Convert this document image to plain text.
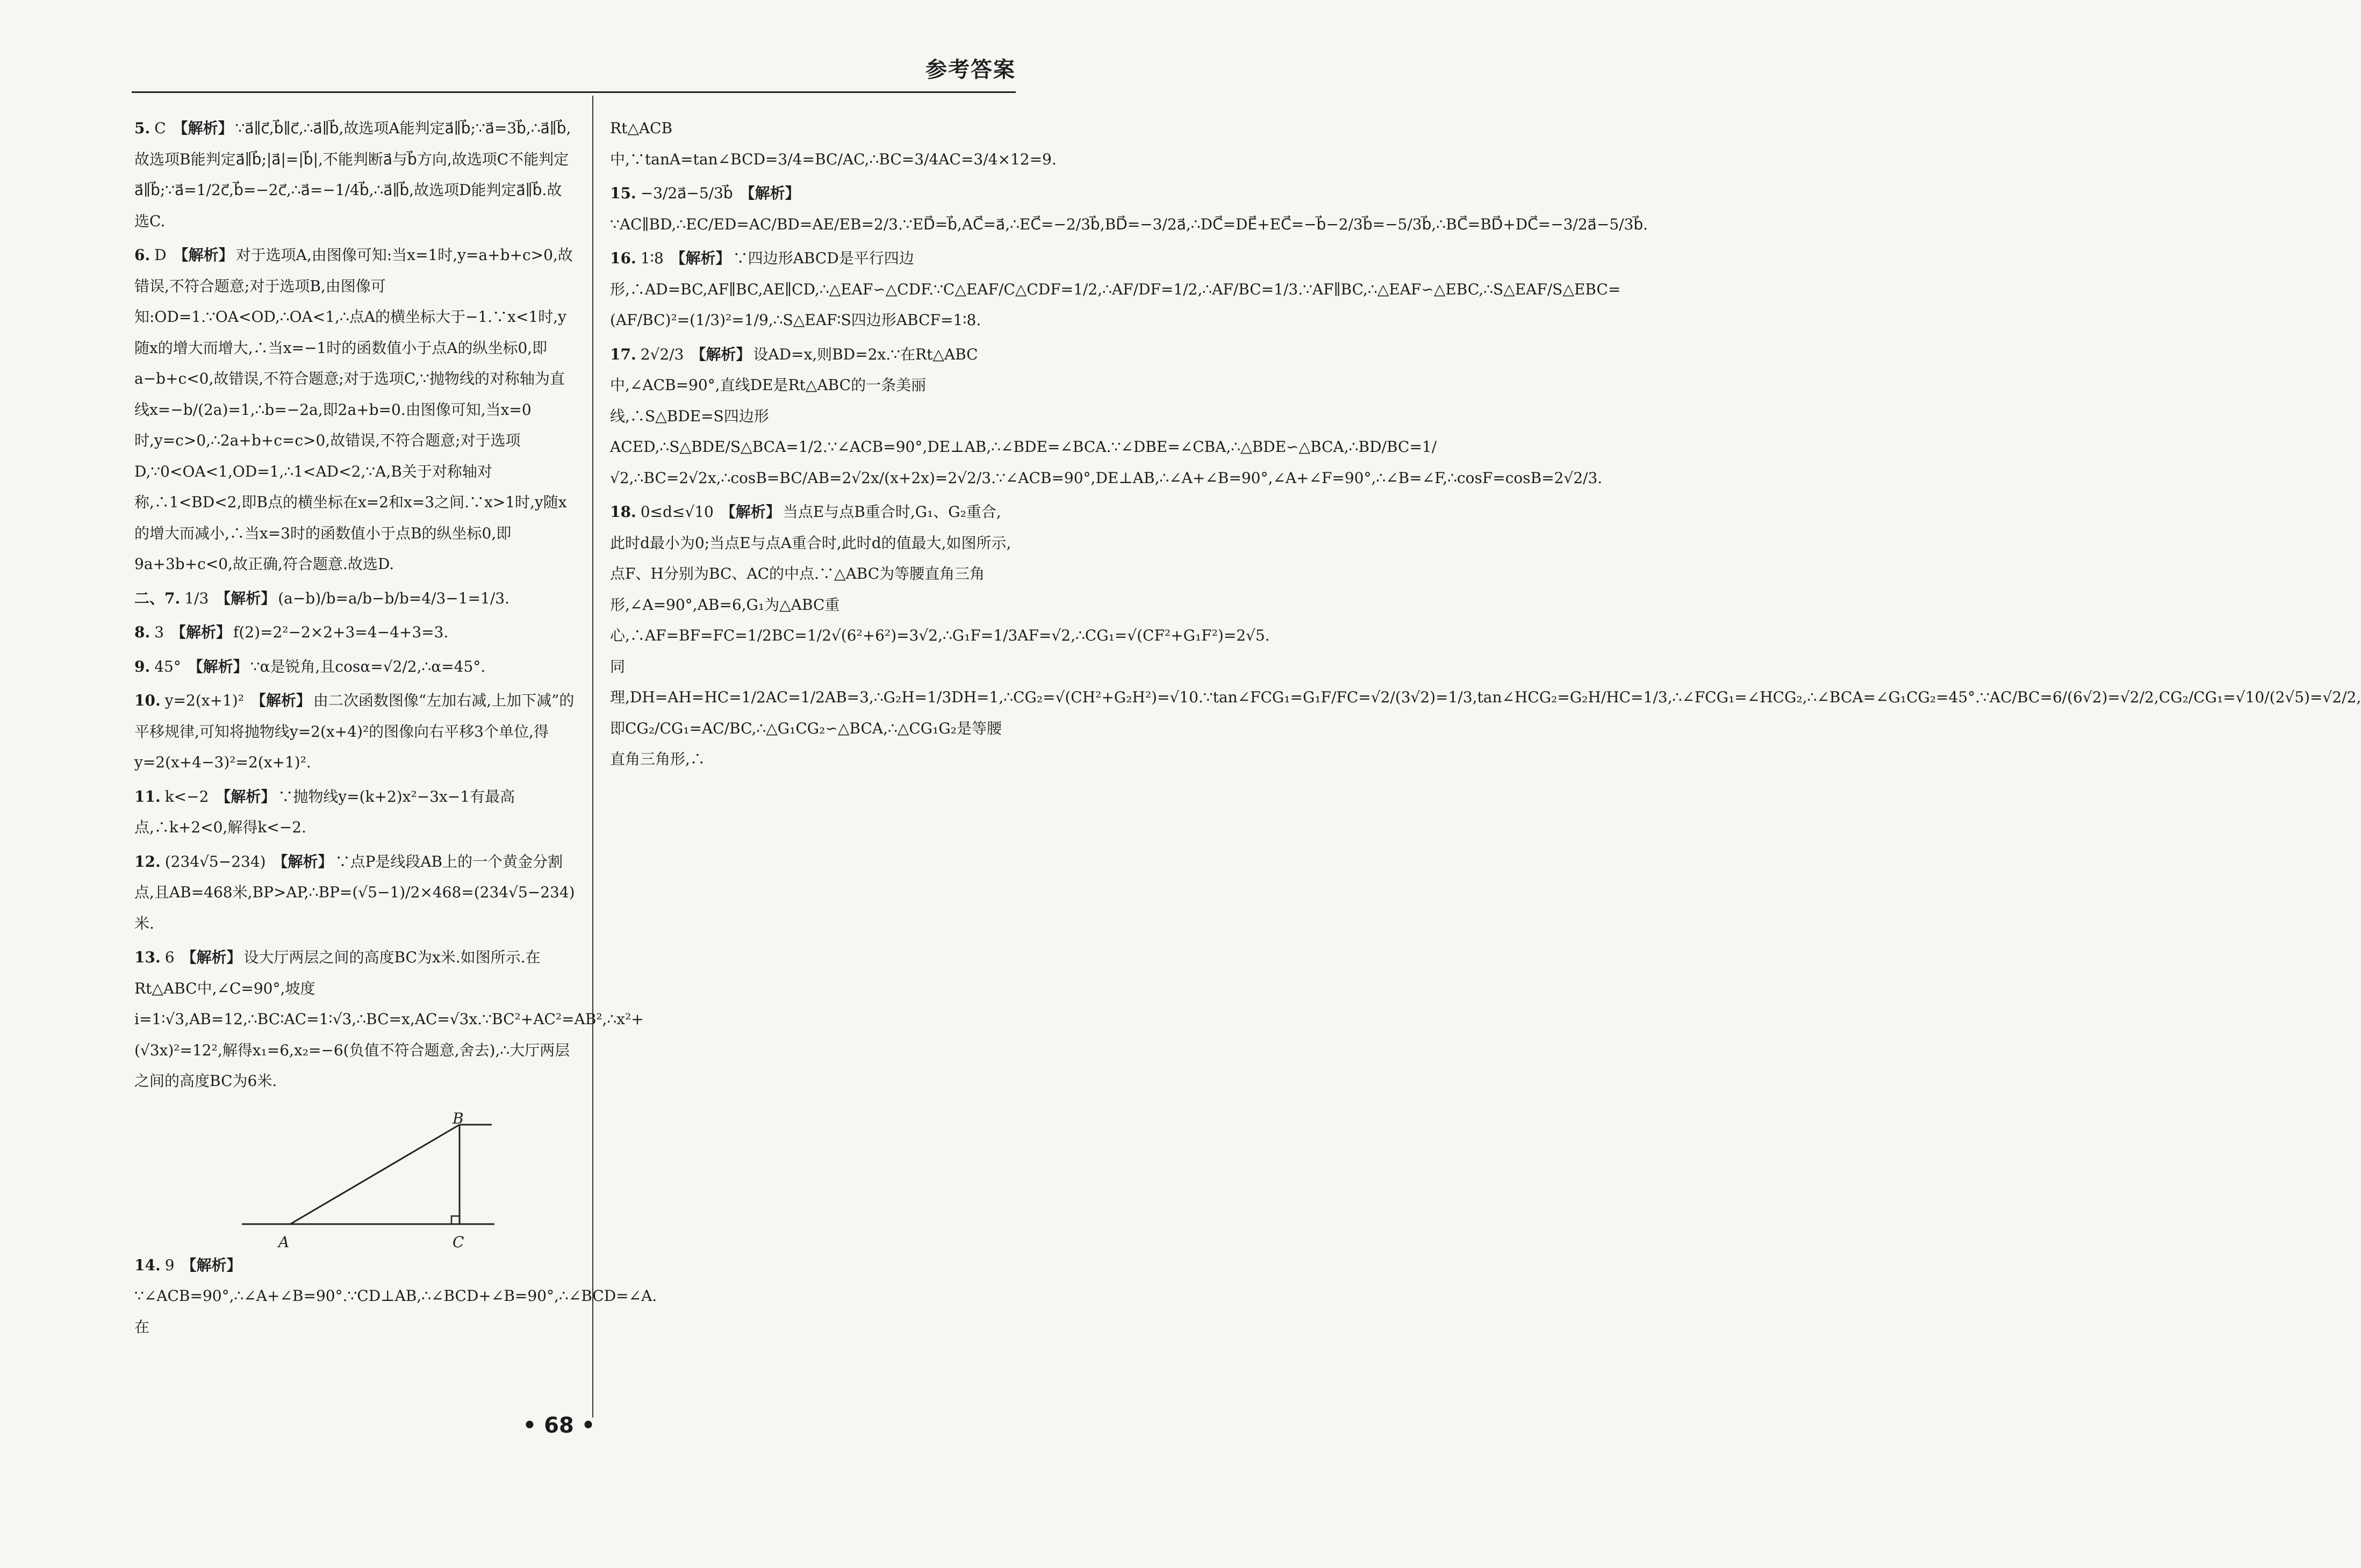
参考答案
5. C 【解析】 ∵a⃗∥c⃗,b⃗∥c⃗,∴a⃗∥b⃗,故选项A能判定a⃗∥b⃗;∵a⃗=3b⃗,∴a⃗∥b⃗,故选项B能判定a⃗∥b⃗;|a⃗|=|b⃗|,不能判断a⃗与b⃗方向,故选项C不能判定a⃗∥b⃗;∵a⃗=1/2c⃗,b⃗=−2c⃗,∴a⃗=−1/4b⃗,∴a⃗∥b⃗,故选项D能判定a⃗∥b⃗.故选C.
6. D 【解析】 对于选项A,由图像可知:当x=1时,y=a+b+c>0,故错误,不符合题意;对于选项B,由图像可知:OD=1.∵OA<OD,∴OA<1,∴点A的横坐标大于−1.∵x<1时,y随x的增大而增大,∴当x=−1时的函数值小于点A的纵坐标0,即a−b+c<0,故错误,不符合题意;对于选项C,∵抛物线的对称轴为直线x=−b/(2a)=1,∴b=−2a,即2a+b=0.由图像可知,当x=0时,y=c>0,∴2a+b+c=c>0,故错误,不符合题意;对于选项D,∵0<OA<1,OD=1,∴1<AD<2,∵A,B关于对称轴对称,∴1<BD<2,即B点的横坐标在x=2和x=3之间.∵x>1时,y随x的增大而减小,∴当x=3时的函数值小于点B的纵坐标0,即9a+3b+c<0,故正确,符合题意.故选D.
二、7. 1/3 【解析】 (a−b)/b=a/b−b/b=4/3−1=1/3.
8. 3 【解析】 f(2)=2²−2×2+3=4−4+3=3.
9. 45° 【解析】 ∵α是锐角,且cosα=√2/2,∴α=45°.
10. y=2(x+1)² 【解析】 由二次函数图像“左加右减,上加下减”的平移规律,可知将抛物线y=2(x+4)²的图像向右平移3个单位,得y=2(x+4−3)²=2(x+1)².
11. k<−2 【解析】 ∵抛物线y=(k+2)x²−3x−1有最高点,∴k+2<0,解得k<−2.
12. (234√5−234) 【解析】 ∵点P是线段AB上的一个黄金分割点,且AB=468米,BP>AP,∴BP=(√5−1)/2×468=(234√5−234)米.
13. 6 【解析】 设大厅两层之间的高度BC为x米.如图所示.在Rt△ABC中,∠C=90°,坡度i=1∶√3,AB=12,∴BC∶AC=1∶√3,∴BC=x,AC=√3x.∵BC²+AC²=AB²,∴x²+(√3x)²=12²,解得x₁=6,x₂=−6(负值不符合题意,舍去),∴大厅两层之间的高度BC为6米.
A
B
C
14. 9 【解析】∵∠ACB=90°,∴∠A+∠B=90°.∵CD⊥AB,∴∠BCD+∠B=90°,∴∠BCD=∠A.在
Rt△ACB中,∵tanA=tan∠BCD=3/4=BC/AC,∴BC=3/4AC=3/4×12=9.
15. −3/2a⃗−5/3b⃗ 【解析】∵AC∥BD,∴EC/ED=AC/BD=AE/EB=2/3.∵ED⃗=b⃗,AC⃗=a⃗,∴EC⃗=−2/3b⃗,BD⃗=−3/2a⃗,∴DC⃗=DE⃗+EC⃗=−b⃗−2/3b⃗=−5/3b⃗,∴BC⃗=BD⃗+DC⃗=−3/2a⃗−5/3b⃗.
16. 1∶8 【解析】 ∵四边形ABCD是平行四边形,∴AD=BC,AF∥BC,AE∥CD,∴△EAF∽△CDF.∵C△EAF/C△CDF=1/2,∴AF/DF=1/2,∴AF/BC=1/3.∵AF∥BC,∴△EAF∽△EBC,∴S△EAF/S△EBC=(AF/BC)²=(1/3)²=1/9,∴S△EAF∶S四边形ABCF=1∶8.
17. 2√2/3 【解析】 设AD=x,则BD=2x.∵在Rt△ABC中,∠ACB=90°,直线DE是Rt△ABC的一条美丽线,∴S△BDE=S四边形ACED,∴S△BDE/S△BCA=1/2.∵∠ACB=90°,DE⊥AB,∴∠BDE=∠BCA.∵∠DBE=∠CBA,∴△BDE∽△BCA,∴BD/BC=1/√2,∴BC=2√2x,∴cosB=BC/AB=2√2x/(x+2x)=2√2/3.∵∠ACB=90°,DE⊥AB,∴∠A+∠B=90°,∠A+∠F=90°,∴∠B=∠F,∴cosF=cosB=2√2/3.
18. 0≤d≤√10 【解析】 当点E与点B重合时,G₁、G₂重合,此时d最小为0;当点E与点A重合时,此时d的值最大,如图所示,点F、H分别为BC、AC的中点.∵△ABC为等腰直角三角形,∠A=90°,AB=6,G₁为△ABC重心,∴AF=BF=FC=1/2BC=1/2√(6²+6²)=3√2,∴G₁F=1/3AF=√2,∴CG₁=√(CF²+G₁F²)=2√5.同理,DH=AH=HC=1/2AC=1/2AB=3,∴G₂H=1/3DH=1,∴CG₂=√(CH²+G₂H²)=√10.∵tan∠FCG₁=G₁F/FC=√2/(3√2)=1/3,tan∠HCG₂=G₂H/HC=1/3,∴∠FCG₁=∠HCG₂,∴∠BCA=∠G₁CG₂=45°.∵AC/BC=6/(6√2)=√2/2,CG₂/CG₁=√10/(2√5)=√2/2,即CG₂/CG₁=AC/BC,∴△G₁CG₂∽△BCA,∴△CG₁G₂是等腰直角三角形,∴
• 68 •
